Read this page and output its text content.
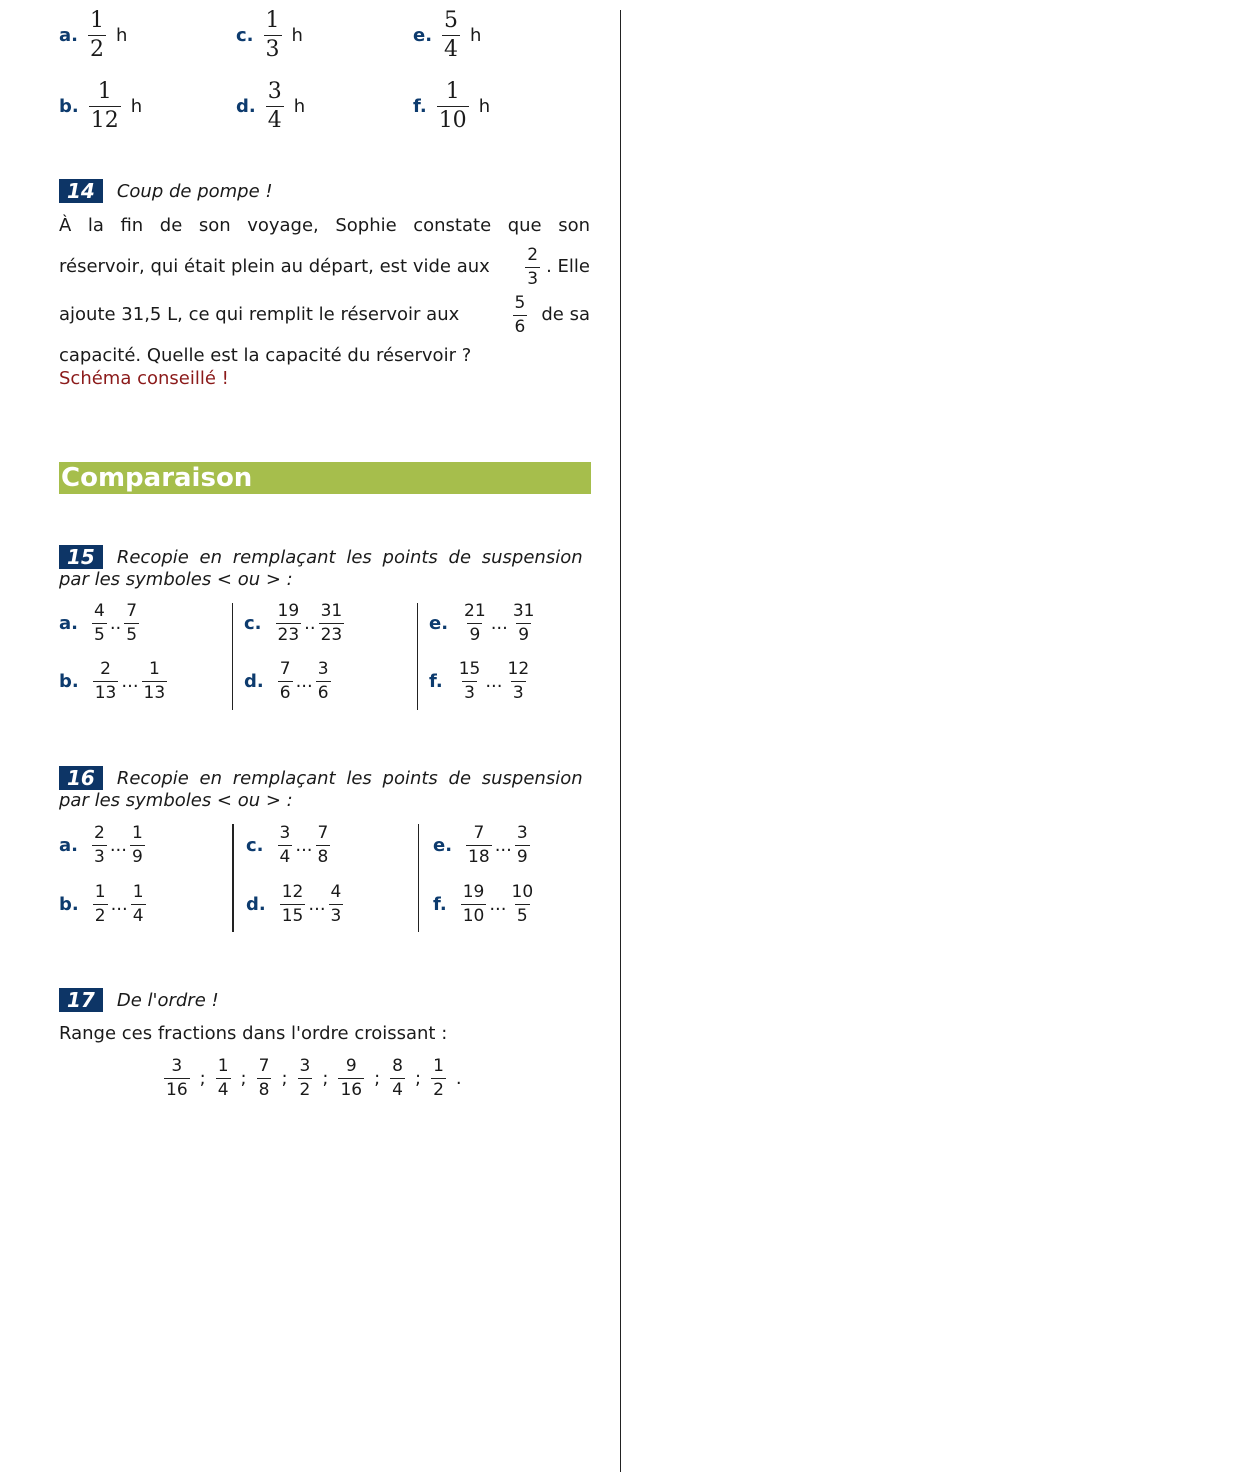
a. $\frac{1}{2}$ h	c. $\frac{1}{3}$ h	e. $\frac{5}{4}$ h
b. $\frac{1}{12}$ h	d. $\frac{3}{4}$ h	f. $\frac{1}{10}$ h
14	Coup de pompe !
À la fin de son voyage, Sophie constate que son
réservoir, qui était plein au départ, est vide aux $\frac{2}{3}$ . Elle
ajoute 31,5 L, ce qui remplit le réservoir aux	$\frac{5}{6}$ de sa
capacité. Quelle est la capacité du réservoir ?
Schéma conseillé !
Comparaison
15	Recopie en remplaçant les points de suspension
par les symboles < ou > :
a. $\frac{4}{5}$ .. $\frac{7}{5}$
b. $\frac{2}{13}$ ... $\frac{1}{13}$
c. $\frac{19}{23}$ .. $\frac{31}{23}$
d. $\frac{7}{6}$ ... $\frac{3}{6}$
e. $\frac{21}{9}$ ... $\frac{31}{9}$
f. $\frac{15}{3}$ ... $\frac{12}{3}$
16	Recopie en remplaçant les points de suspension
par les symboles < ou > :
a. $\frac{2}{3}$ ... $\frac{1}{9}$
b. $\frac{1}{2}$ ... $\frac{1}{4}$
c. $\frac{3}{4}$ ... $\frac{7}{8}$
d. $\frac{12}{15}$ ... $\frac{4}{3}$
e. $\frac{7}{18}$ ... $\frac{3}{9}$
f. $\frac{19}{10}$ ... $\frac{10}{5}$
17	De l'ordre !
Range ces fractions dans l'ordre croissant :
$\frac{3}{16}$ ; $\frac{1}{4}$ ; $\frac{7}{8}$ ; $\frac{3}{2}$ ; $\frac{9}{16}$ ; $\frac{8}{4}$ ; $\frac{1}{2}$ .
